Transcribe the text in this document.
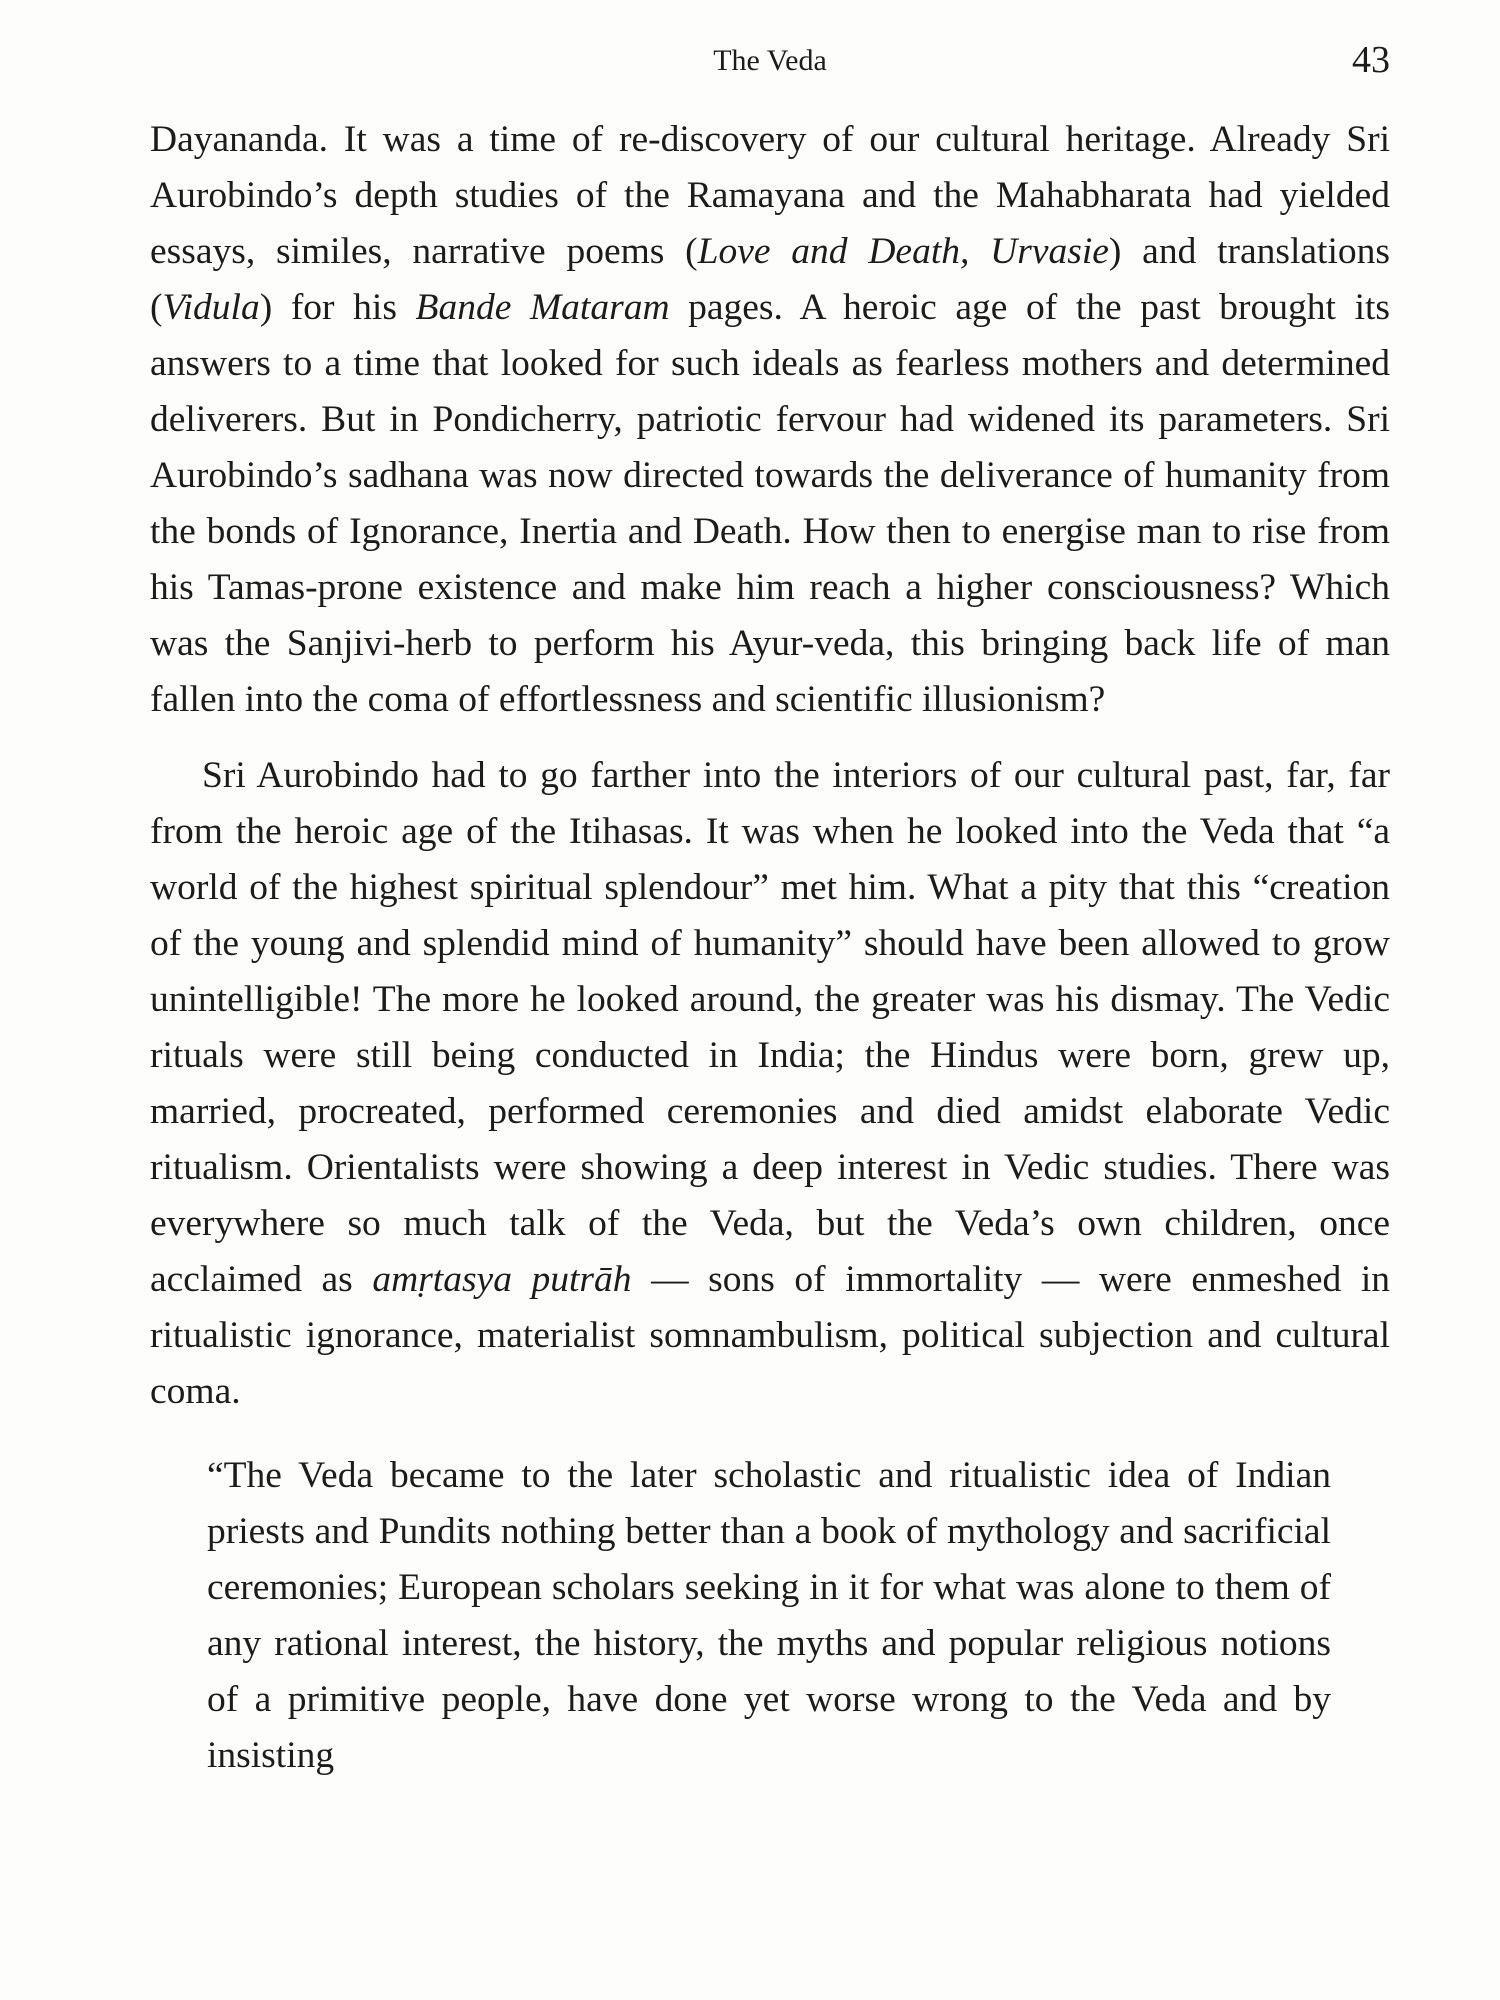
The Veda	43

Dayananda. It was a time of re-discovery of our cultural heritage. Already Sri Aurobindo’s depth studies of the Ramayana and the Mahabharata had yielded essays, similes, narrative poems (Love and Death, Urvasie) and translations (Vidula) for his Bande Mataram pages. A heroic age of the past brought its answers to a time that looked for such ideals as fearless mothers and determined deliverers. But in Pondicherry, patriotic fervour had widened its parameters. Sri Aurobindo’s sadhana was now directed towards the deliverance of humanity from the bonds of Ignorance, Inertia and Death. How then to energise man to rise from his Tamas-prone existence and make him reach a higher consciousness? Which was the Sanjivi-herb to perform his Ayur-veda, this bringing back life of man fallen into the coma of effortlessness and scientific illusionism?

Sri Aurobindo had to go farther into the interiors of our cultural past, far, far from the heroic age of the Itihasas. It was when he looked into the Veda that “a world of the highest spiritual splendour” met him. What a pity that this “creation of the young and splendid mind of humanity” should have been allowed to grow unintelligible! The more he looked around, the greater was his dismay. The Vedic rituals were still being conducted in India; the Hindus were born, grew up, married, procreated, performed ceremonies and died amidst elaborate Vedic ritualism. Orientalists were showing a deep interest in Vedic studies. There was everywhere so much talk of the Veda, but the Veda’s own children, once acclaimed as amṛtasya putrāh — sons of immortality — were enmeshed in ritualistic ignorance, materialist somnambulism, political subjection and cultural coma.

“The Veda became to the later scholastic and ritualistic idea of Indian priests and Pundits nothing better than a book of mythology and sacrificial ceremonies; European scholars seeking in it for what was alone to them of any rational interest, the history, the myths and popular religious notions of a primitive people, have done yet worse wrong to the Veda and by insisting
